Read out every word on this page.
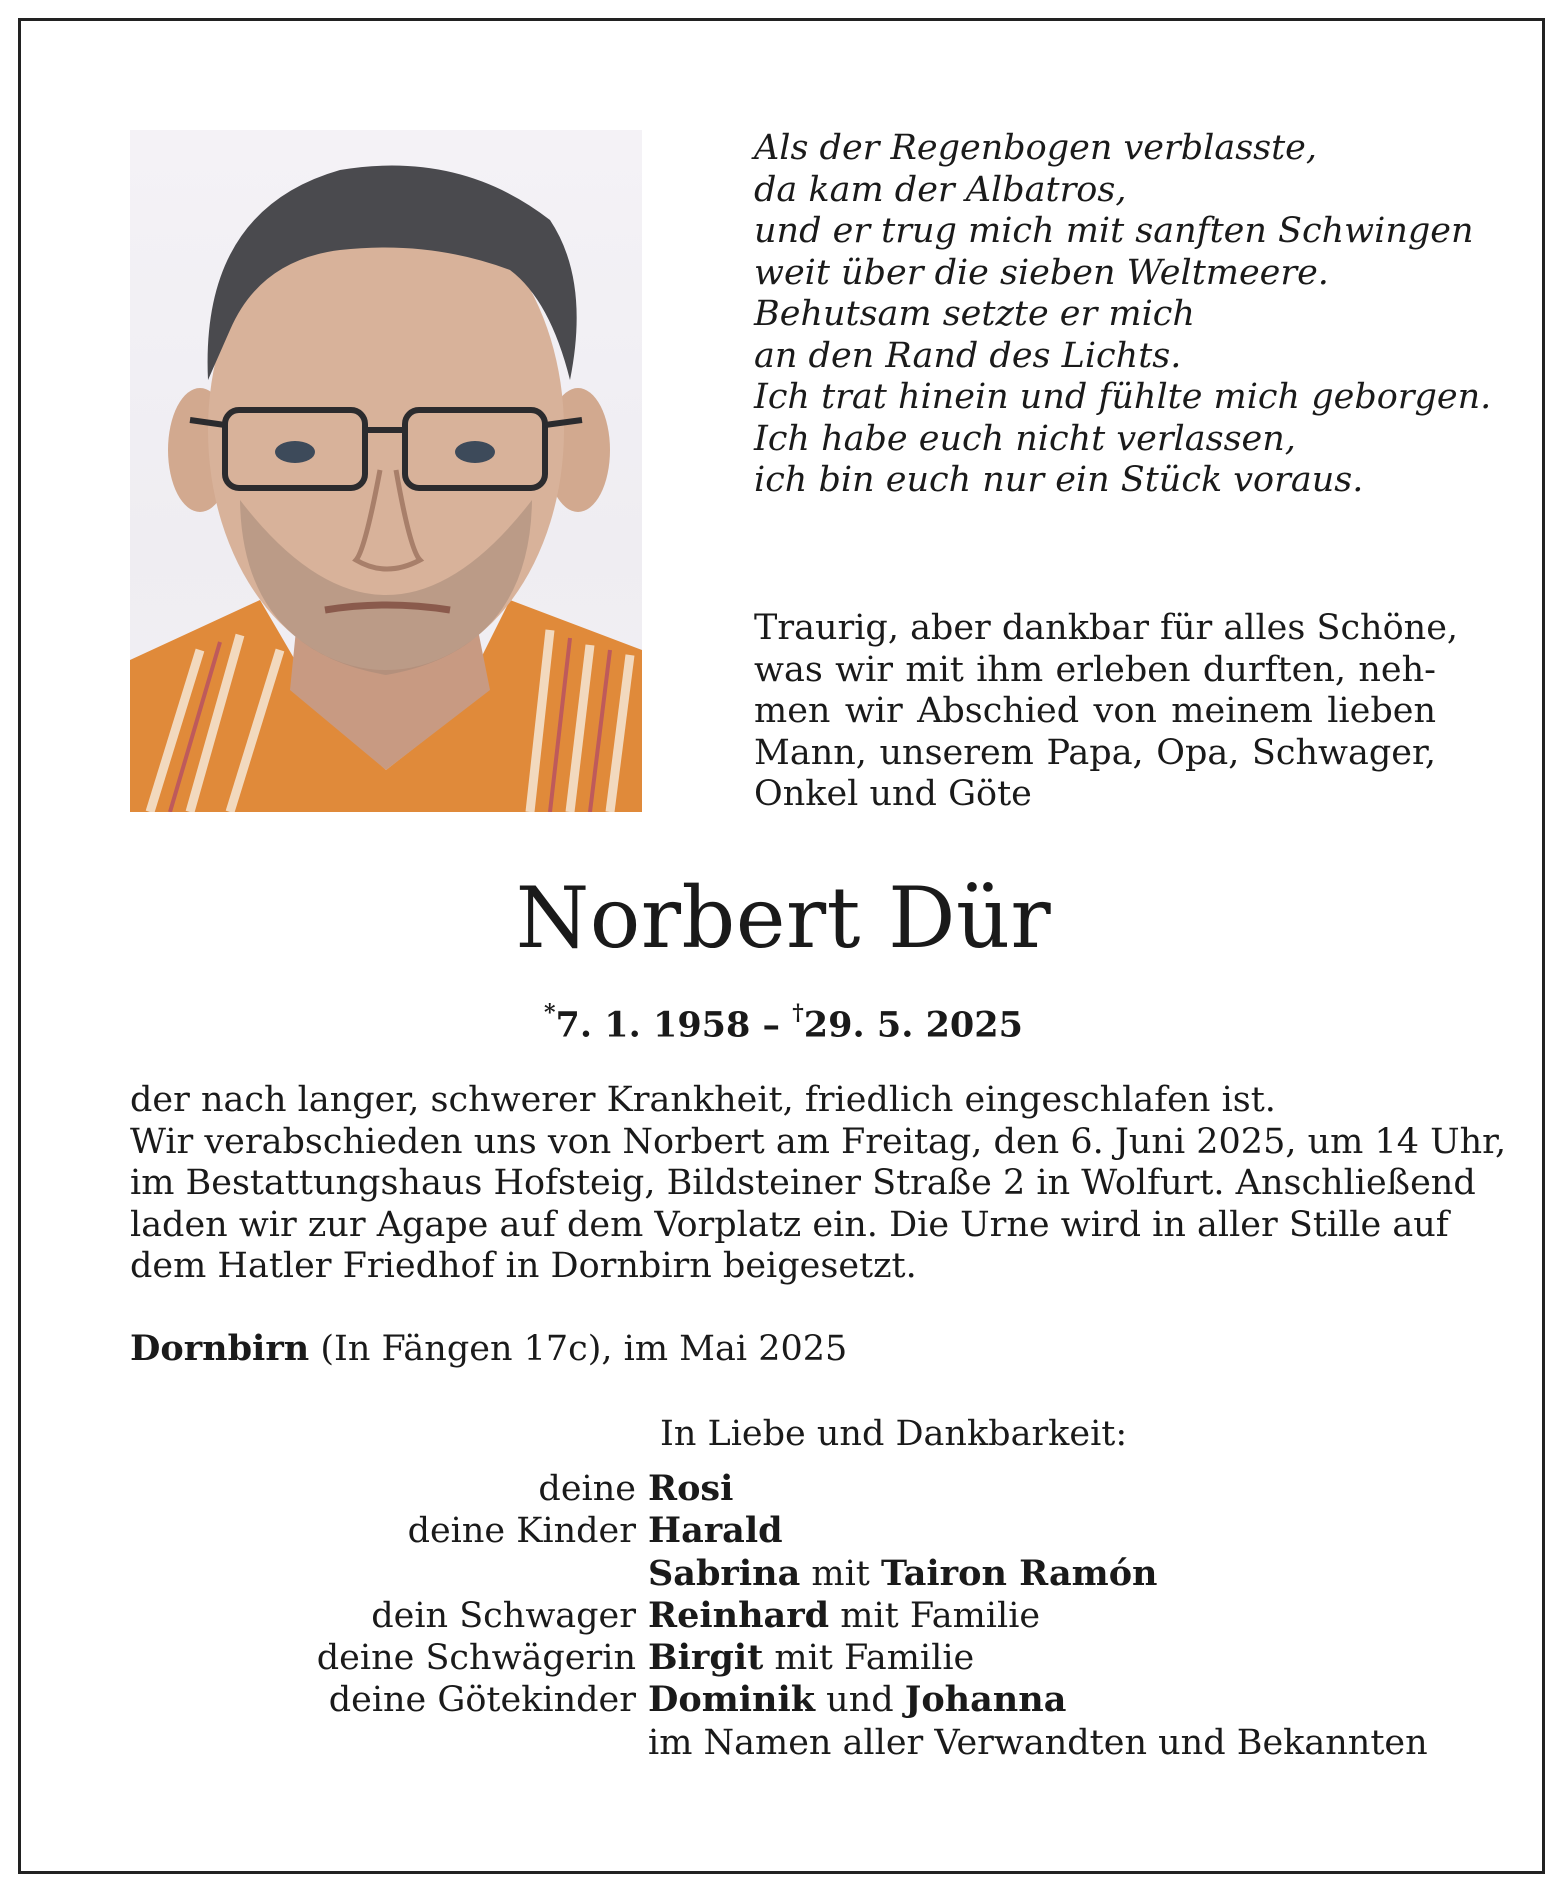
Als der Regenbogen verblasste,
da kam der Albatros,
und er trug mich mit sanften Schwingen
weit über die sieben Weltmeere.
Behutsam setzte er mich
an den Rand des Lichts.
Ich trat hinein und fühlte mich geborgen.
Ich habe euch nicht verlassen,
ich bin euch nur ein Stück voraus.
Traurig, aber dankbar für alles Schöne,
was wir mit ihm erleben durften, neh-
men wir Abschied von meinem lieben
Mann, unserem Papa, Opa, Schwager,
Onkel und Göte
Norbert Dür
*7. 1. 1958 – †29. 5. 2025
der nach langer, schwerer Krankheit, friedlich eingeschlafen ist.
Wir verabschieden uns von Norbert am Freitag, den 6. Juni 2025, um 14 Uhr,
im Bestattungshaus Hofsteig, Bildsteiner Straße 2 in Wolfurt. Anschließend
laden wir zur Agape auf dem Vorplatz ein. Die Urne wird in aller Stille auf
dem Hatler Friedhof in Dornbirn beigesetzt.
Dornbirn (In Fängen 17c), im Mai 2025
In Liebe und Dankbarkeit:
deine Rosi
deine Kinder Harald
Sabrina mit Tairon Ramón
dein Schwager Reinhard mit Familie
deine Schwägerin Birgit mit Familie
deine Götekinder Dominik und Johanna
im Namen aller Verwandten und Bekannten
